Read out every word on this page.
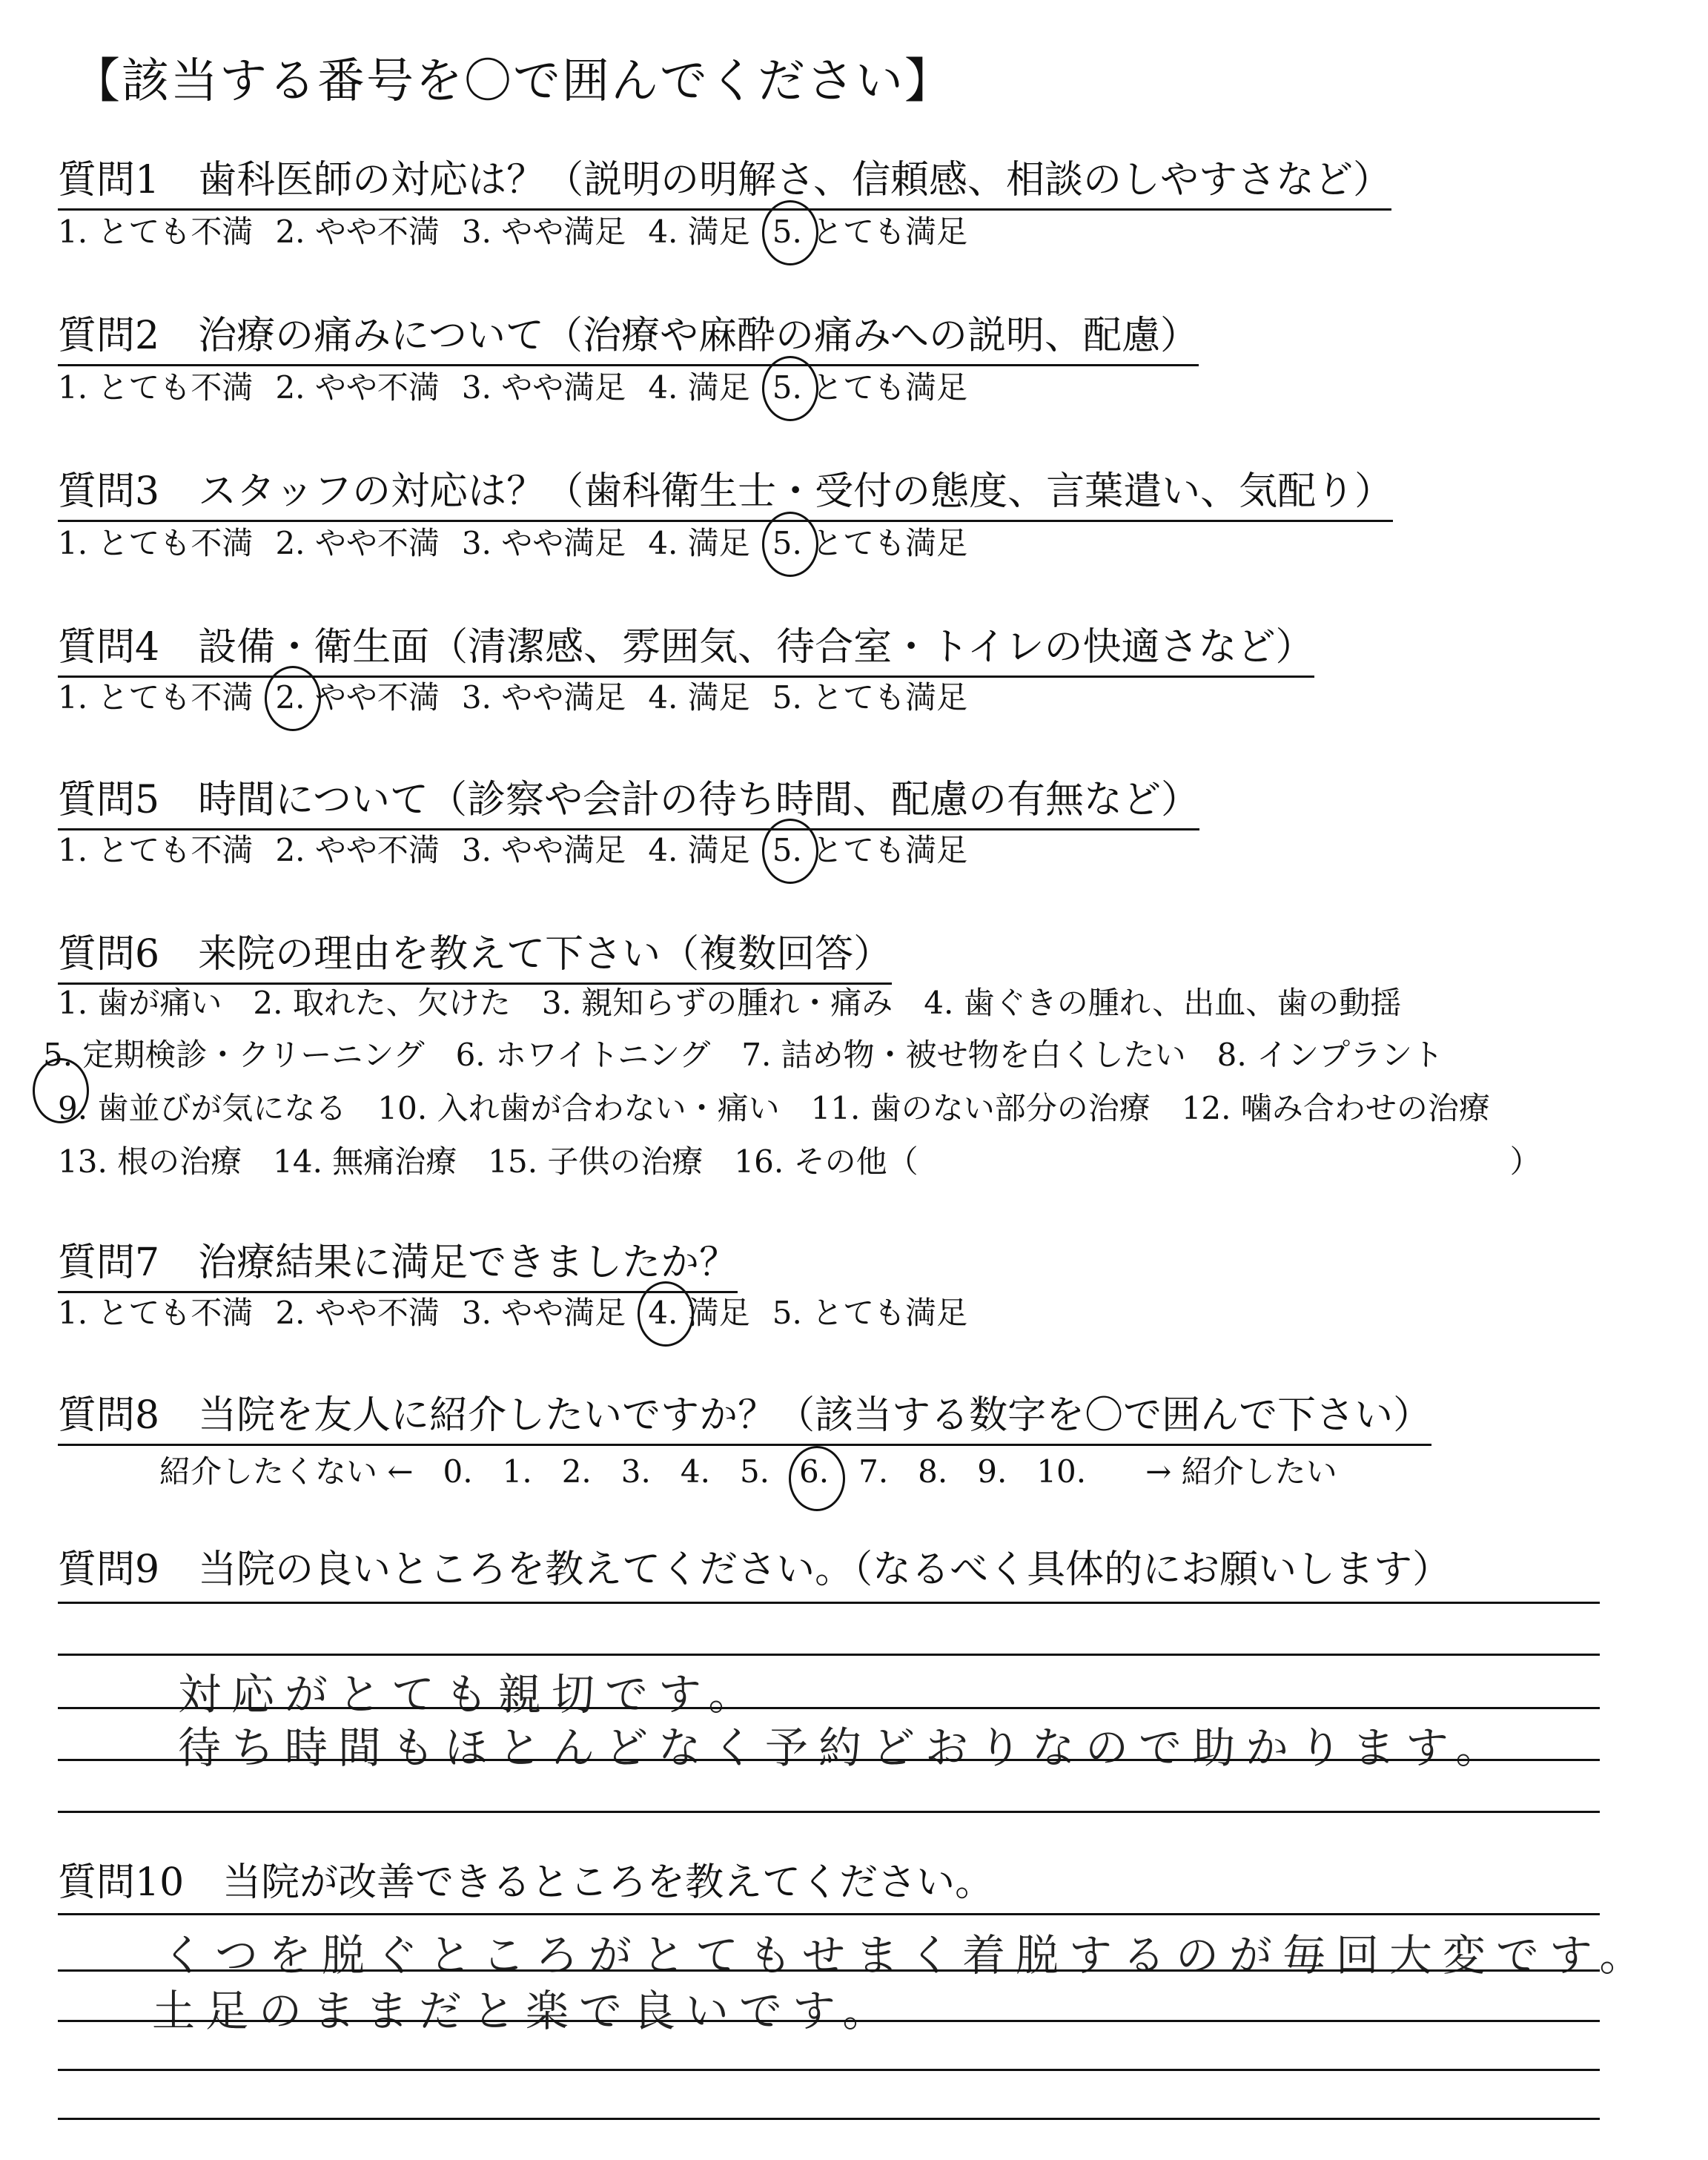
【該当する番号を〇で囲んでください】
質問1　歯科医師の対応は？（説明の明解さ、信頼感、相談のしやすさなど）
1. とても不満 2. やや不満 3. やや満足 4. 満足 5. とても満足
質問2　治療の痛みについて（治療や麻酔の痛みへの説明、配慮）
1. とても不満 2. やや不満 3. やや満足 4. 満足 5. とても満足
質問3　スタッフの対応は？（歯科衛生士・受付の態度、言葉遣い、気配り）
1. とても不満 2. やや不満 3. やや満足 4. 満足 5. とても満足
質問4　設備・衛生面（清潔感、雰囲気、待合室・トイレの快適さなど）
1. とても不満 2. やや不満 3. やや満足 4. 満足 5. とても満足
質問5　時間について（診察や会計の待ち時間、配慮の有無など）
1. とても不満 2. やや不満 3. やや満足 4. 満足 5. とても満足
質問6　来院の理由を教えて下さい（複数回答）
1. 歯が痛い　2. 取れた、欠けた　3. 親知らずの腫れ・痛み　4. 歯ぐきの腫れ、出血、歯の動揺
5. 定期検診・クリーニング　6. ホワイトニング　7. 詰め物・被せ物を白くしたい　8. インプラント
9. 歯並びが気になる　10. 入れ歯が合わない・痛い　11. 歯のない部分の治療　12. 噛み合わせの治療
13. 根の治療　14. 無痛治療　15. 子供の治療　16. その他（　　　　　　　　　　　　　　　　　　　）
質問7　治療結果に満足できましたか？
1. とても不満 2. やや不満 3. やや満足 4. 満足 5. とても満足
質問8　当院を友人に紹介したいですか？（該当する数字を〇で囲んで下さい）
紹介したくない ← 0. 1. 2. 3. 4. 5. 6. 7. 8. 9. 10. → 紹介したい
質問9　当院の良いところを教えてください。（なるべく具体的にお願いします）
対応がとても親切です。
待ち時間もほとんどなく予約どおりなので助かります。
質問10　当院が改善できるところを教えてください。
くつを脱ぐところがとてもせまく着脱するのが毎回大変です。
土足のままだと楽で良いです。
